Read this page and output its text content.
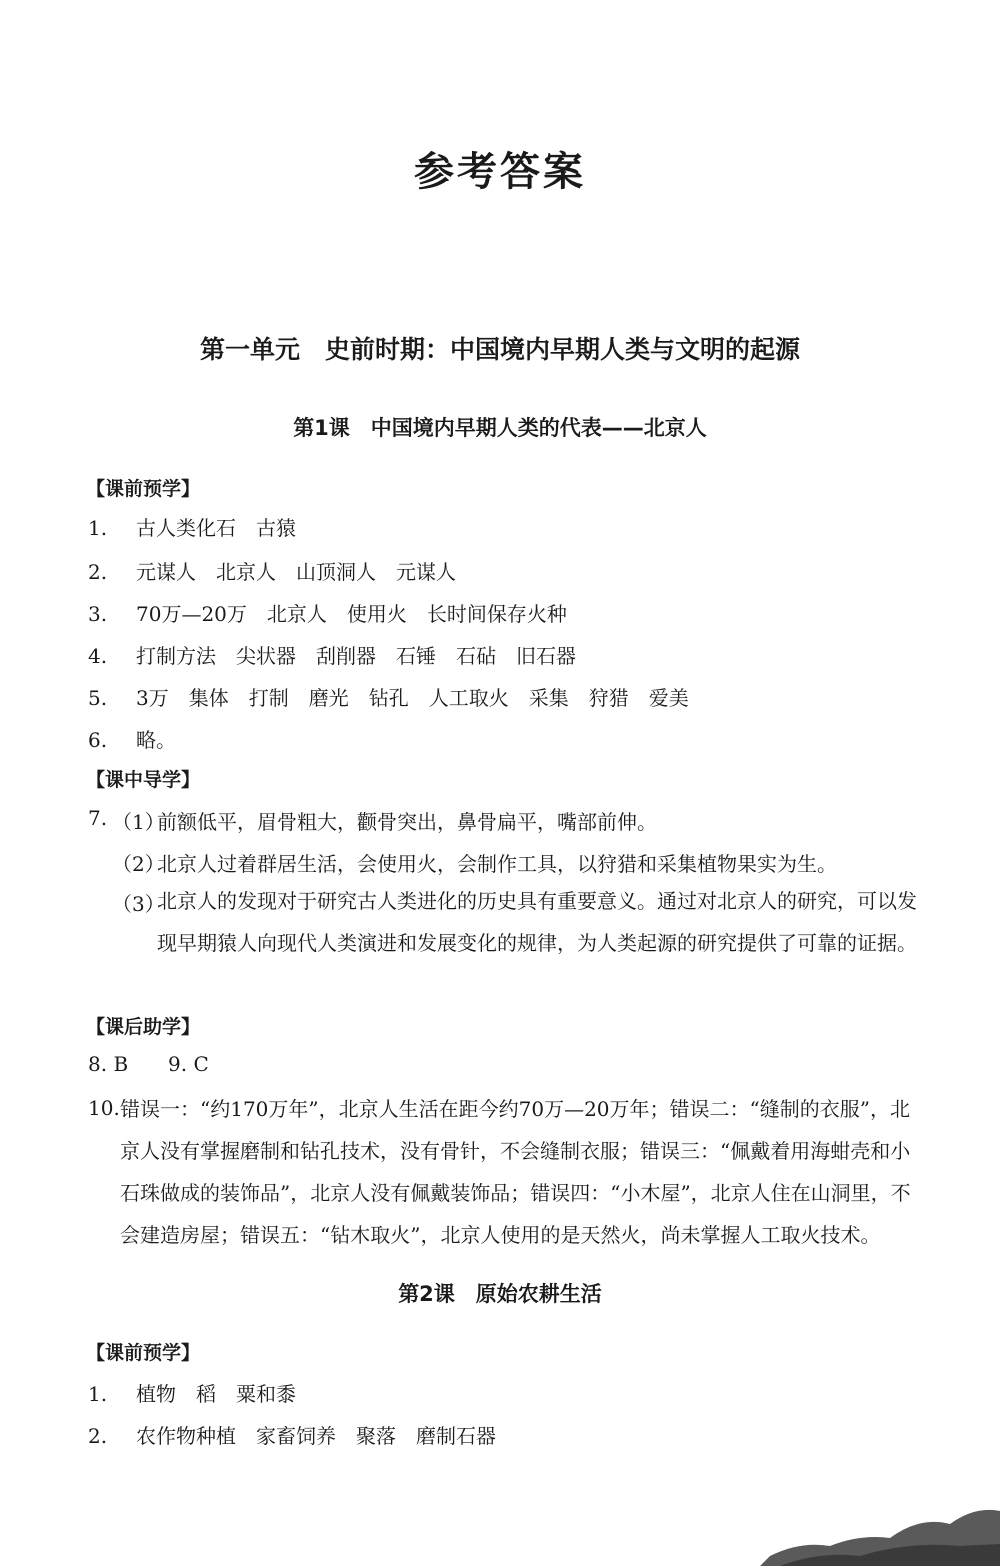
参考答案
第一单元　史前时期：中国境内早期人类与文明的起源
第1课　中国境内早期人类的代表——北京人
【课前预学】
1. 古人类化石 古猿
2. 元谋人 北京人 山顶洞人 元谋人
3. 70万—20万 北京人 使用火 长时间保存火种
4. 打制方法 尖状器 刮削器 石锤 石砧 旧石器
5. 3万 集体 打制 磨光 钻孔 人工取火 采集 狩猎 爱美
6. 略。
【课中导学】
7. （1）
前额低平，眉骨粗大，颧骨突出，鼻骨扁平，嘴部前伸。
（2）
北京人过着群居生活，会使用火，会制作工具，以狩猎和采集植物果实为生。
（3）
北京人的发现对于研究古人类进化的历史具有重要意义。通过对北京人的研究，可以发现早期猿人向现代人类演进和发展变化的规律，为人类起源的研究提供了可靠的证据。
【课后助学】
8. B 9. C
10. 错误一：“约170万年”，北京人生活在距今约70万—20万年；错误二：“缝制的衣服”，北京人没有掌握磨制和钻孔技术，没有骨针，不会缝制衣服；错误三：“佩戴着用海蚶壳和小石珠做成的装饰品”，北京人没有佩戴装饰品；错误四：“小木屋”，北京人住在山洞里，不会建造房屋；错误五：“钻木取火”，北京人使用的是天然火，尚未掌握人工取火技术。
第2课　原始农耕生活
【课前预学】
1. 植物 稻 粟和黍
2. 农作物种植 家畜饲养 聚落 磨制石器
